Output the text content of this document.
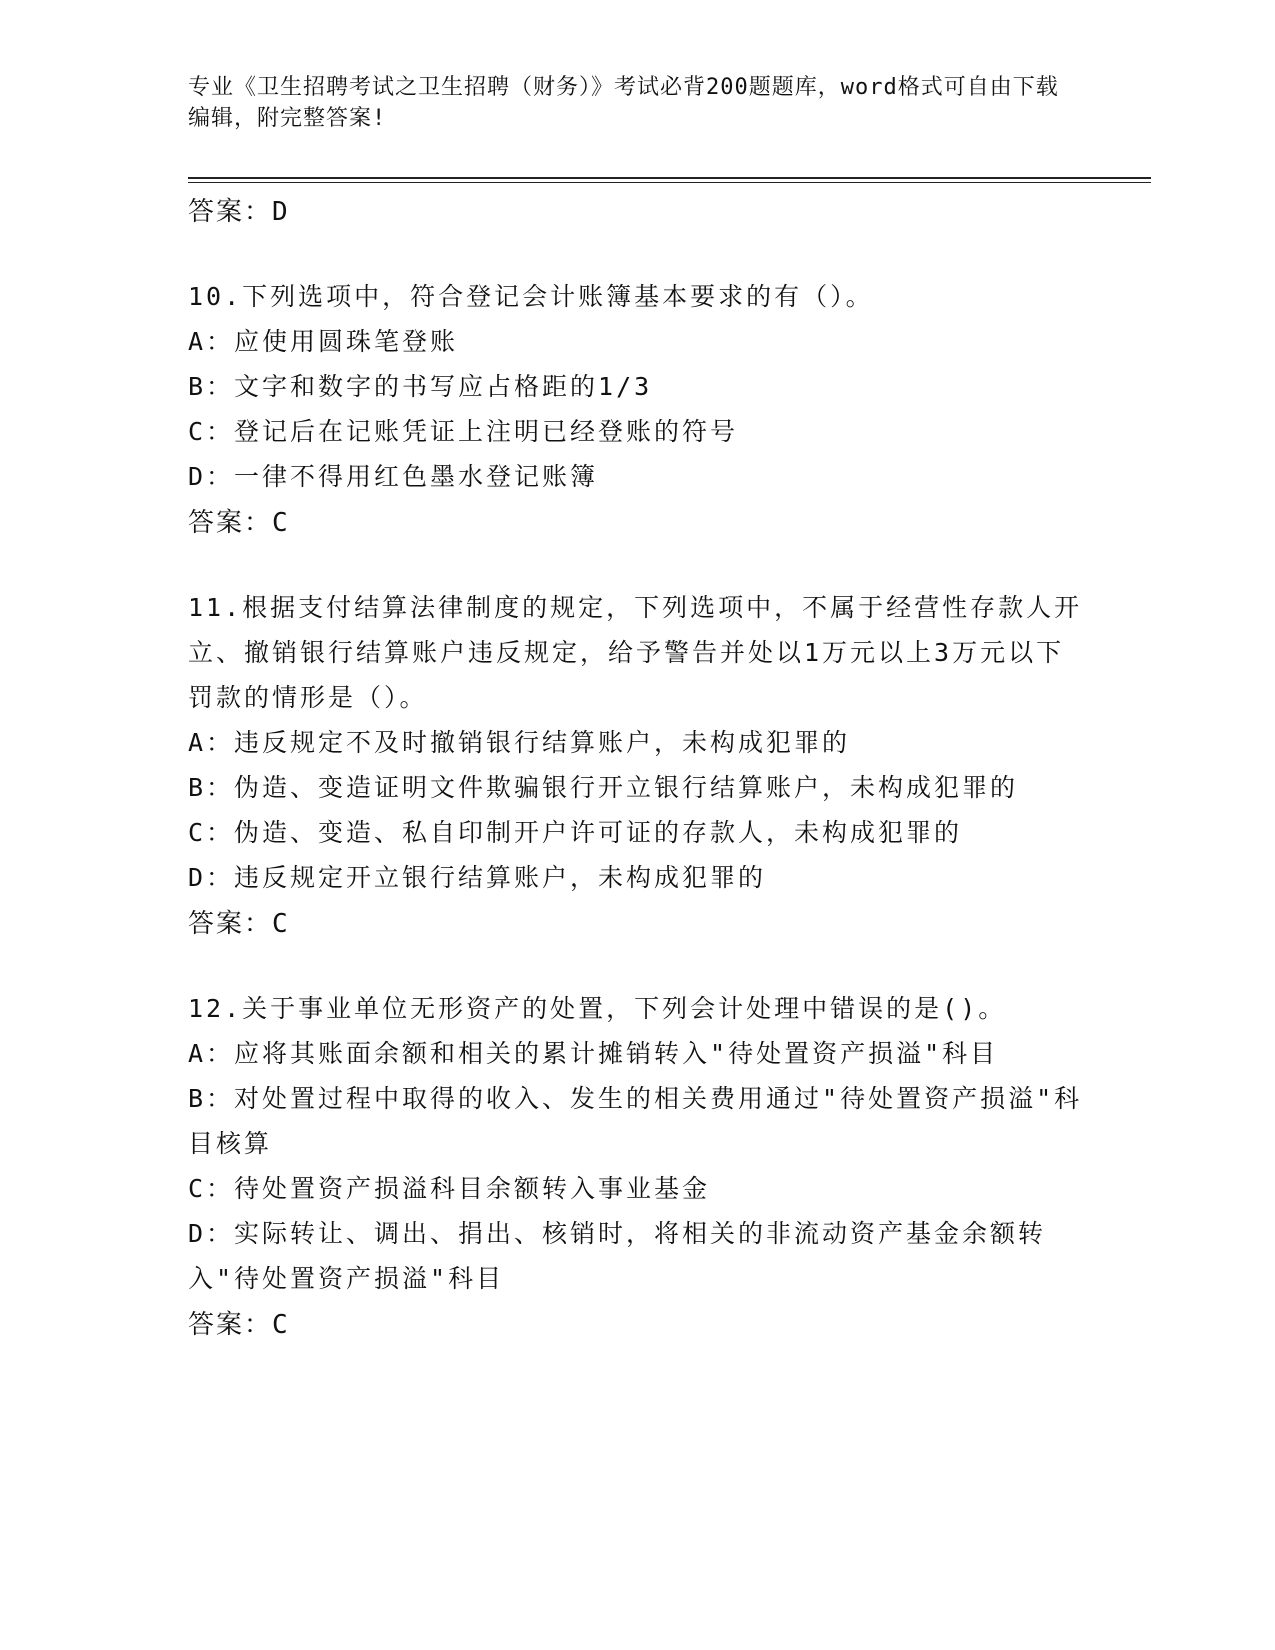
专业《卫生招聘考试之卫生招聘（财务）》考试必背200题题库，word格式可自由下载编辑，附完整答案!
答案：D

10.下列选项中，符合登记会计账簿基本要求的有（）。

A：应使用圆珠笔登账

B：文字和数字的书写应占格距的1/3

C：登记后在记账凭证上注明已经登账的符号

D：一律不得用红色墨水登记账簿

答案：C

11.根据支付结算法律制度的规定，下列选项中，不属于经营性存款人开立、撤销银行结算账户违反规定，给予警告并处以1万元以上3万元以下罚款的情形是（）。

A：违反规定不及时撤销银行结算账户，未构成犯罪的

B：伪造、变造证明文件欺骗银行开立银行结算账户，未构成犯罪的

C：伪造、变造、私自印制开户许可证的存款人，未构成犯罪的

D：违反规定开立银行结算账户，未构成犯罪的

答案：C

12.关于事业单位无形资产的处置，下列会计处理中错误的是()。

A：应将其账面余额和相关的累计摊销转入"待处置资产损溢"科目

B：对处置过程中取得的收入、发生的相关费用通过"待处置资产损溢"科目核算

C：待处置资产损溢科目余额转入事业基金

D：实际转让、调出、捐出、核销时，将相关的非流动资产基金余额转入"待处置资产损溢"科目

答案：C
